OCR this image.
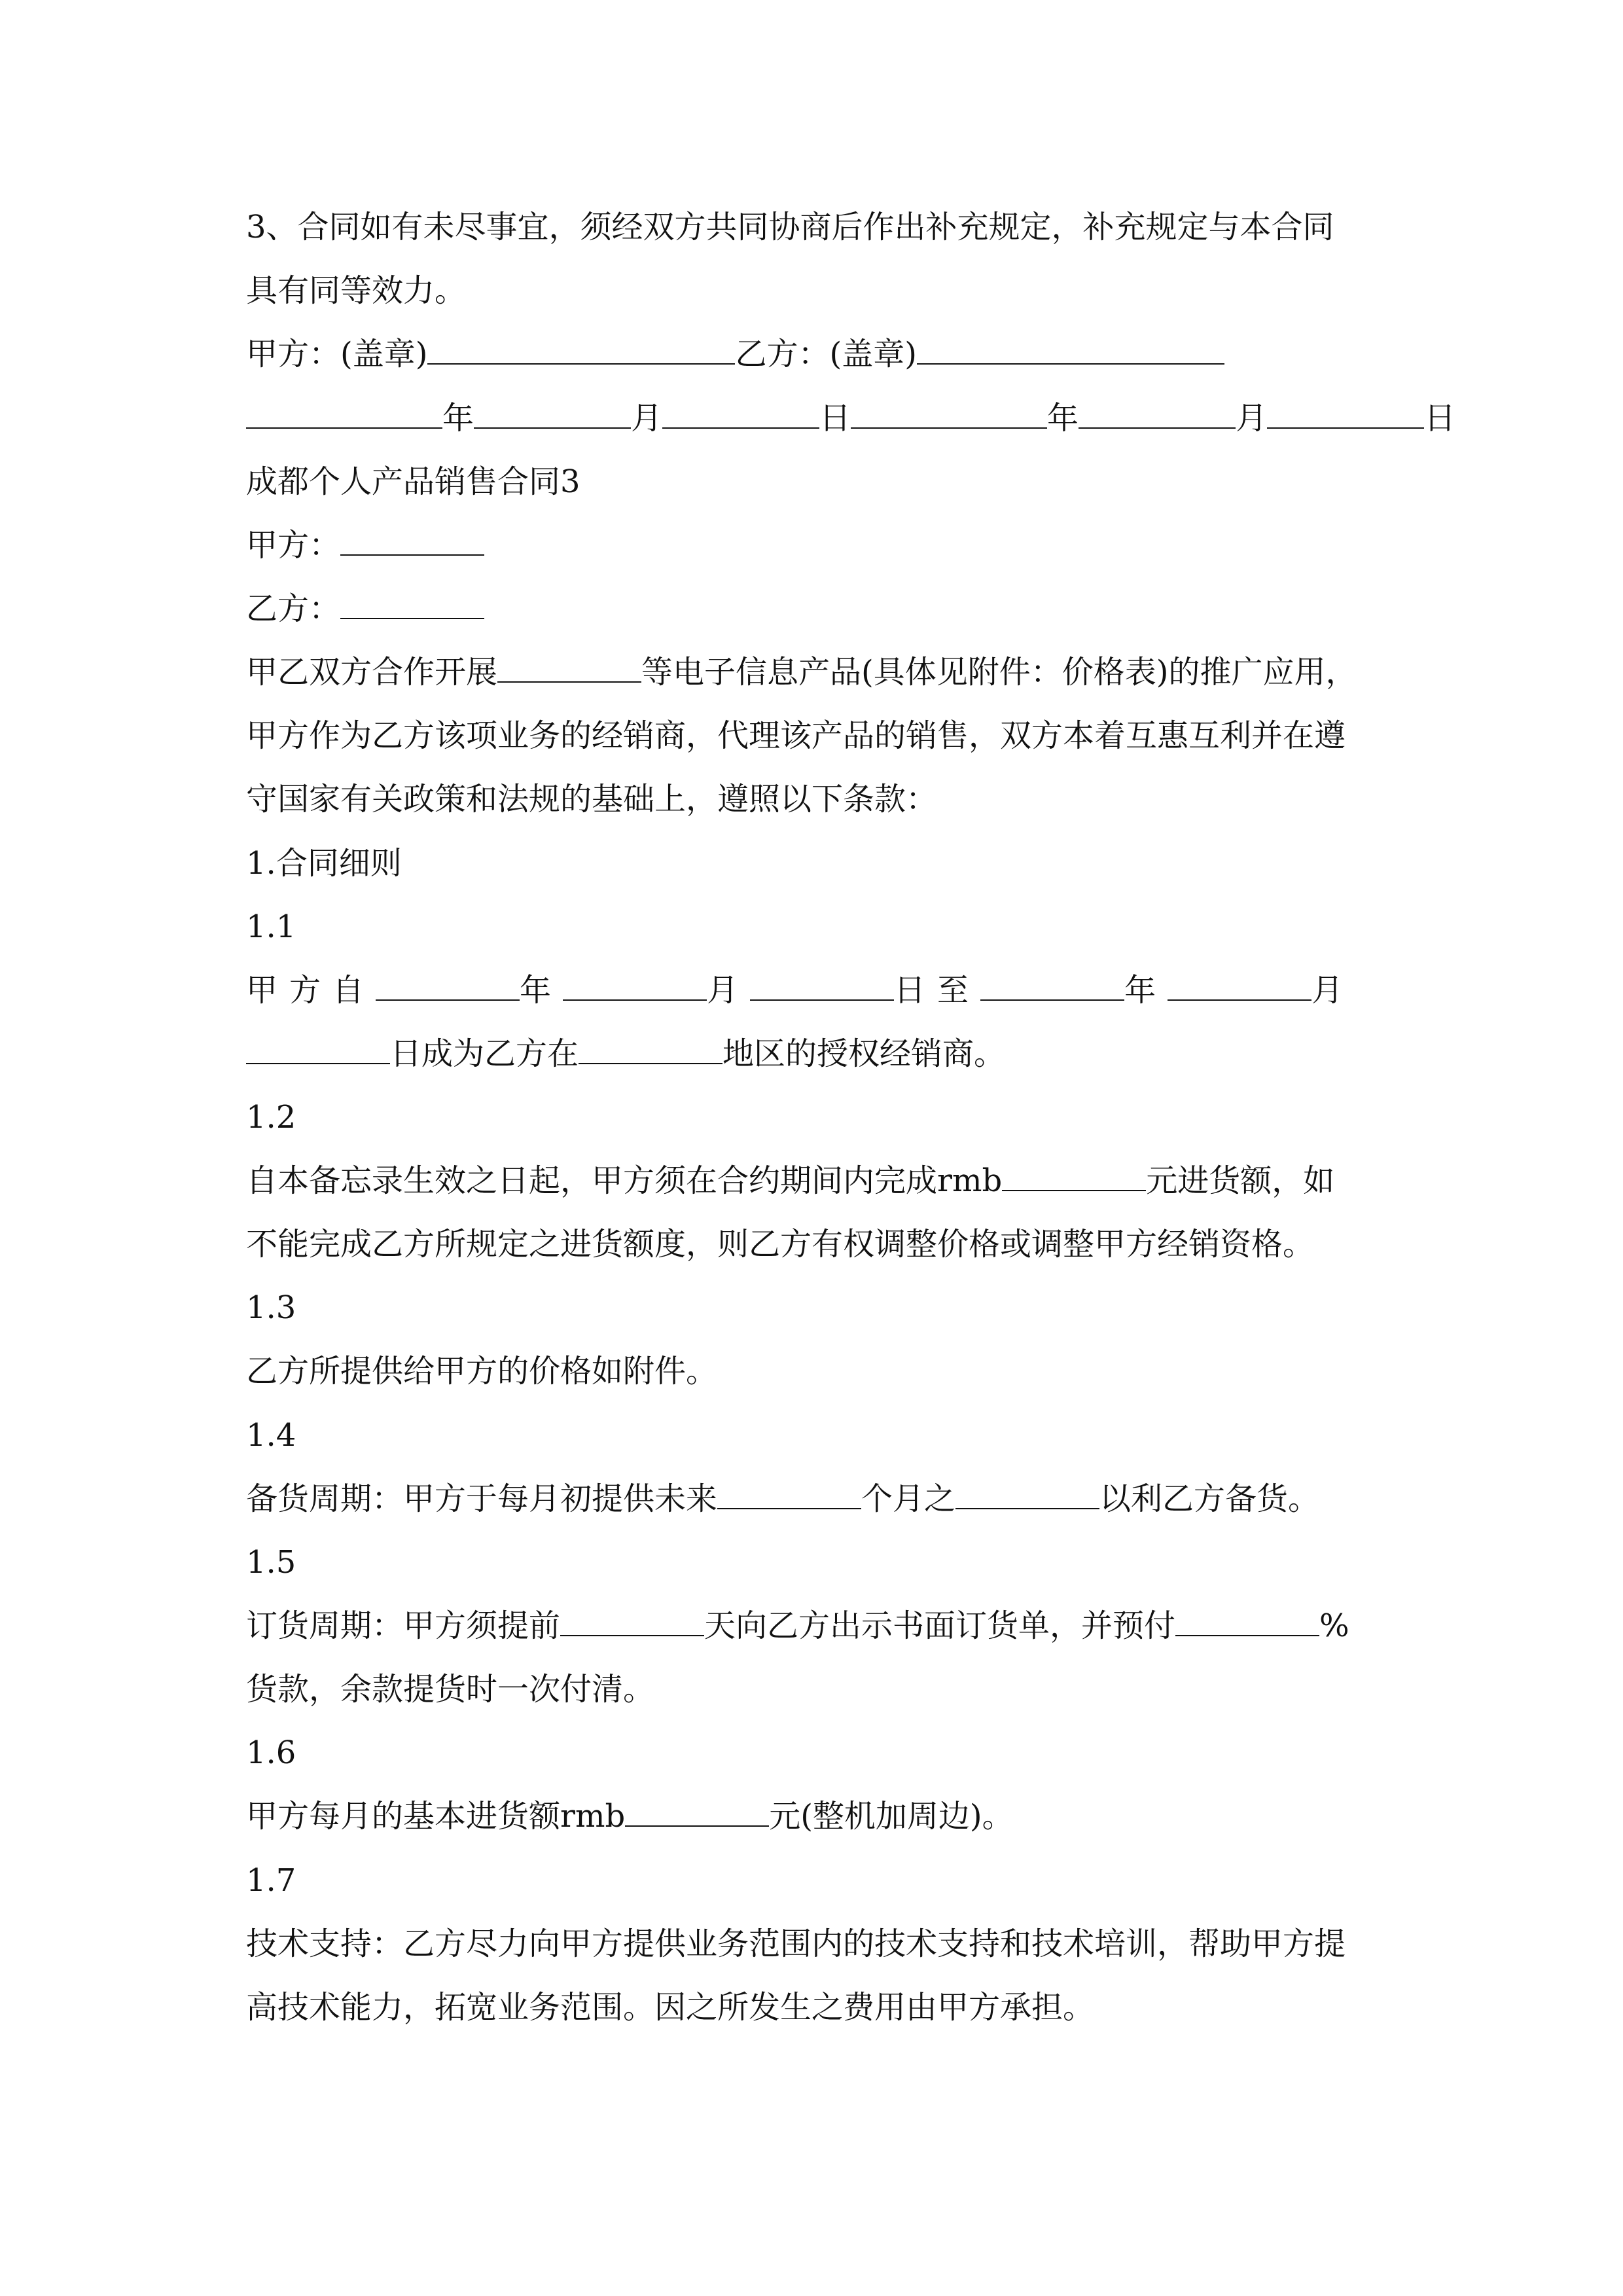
3、合同如有未尽事宜，须经双方共同协商后作出补充规定，补充规定与本合同
具有同等效力。
甲方：(盖章)	乙方：(盖章)
年	月	日	年	月	日
成都个人产品销售合同3
甲方：
乙方：
甲乙双方合作开展	等电子信息产品(具体见附件：价格表)的推广应用，
甲方作为乙方该项业务的经销商，代理该产品的销售，双方本着互惠互利并在遵
守国家有关政策和法规的基础上，遵照以下条款：
1.合同细则
1.1
甲方自	年	月	日至	年	月
日成为乙方在	地区的授权经销商。
1.2
自本备忘录生效之日起，甲方须在合约期间内完成rmb	元进货额，如
不能完成乙方所规定之进货额度，则乙方有权调整价格或调整甲方经销资格。
1.3
乙方所提供给甲方的价格如附件。
1.4
备货周期：甲方于每月初提供未来	个月之	以利乙方备货。
1.5
订货周期：甲方须提前	天向乙方出示书面订货单，并预付	%
货款，余款提货时一次付清。
1.6
甲方每月的基本进货额rmb	元(整机加周边)。
1.7
技术支持：乙方尽力向甲方提供业务范围内的技术支持和技术培训，帮助甲方提
高技术能力，拓宽业务范围。因之所发生之费用由甲方承担。
